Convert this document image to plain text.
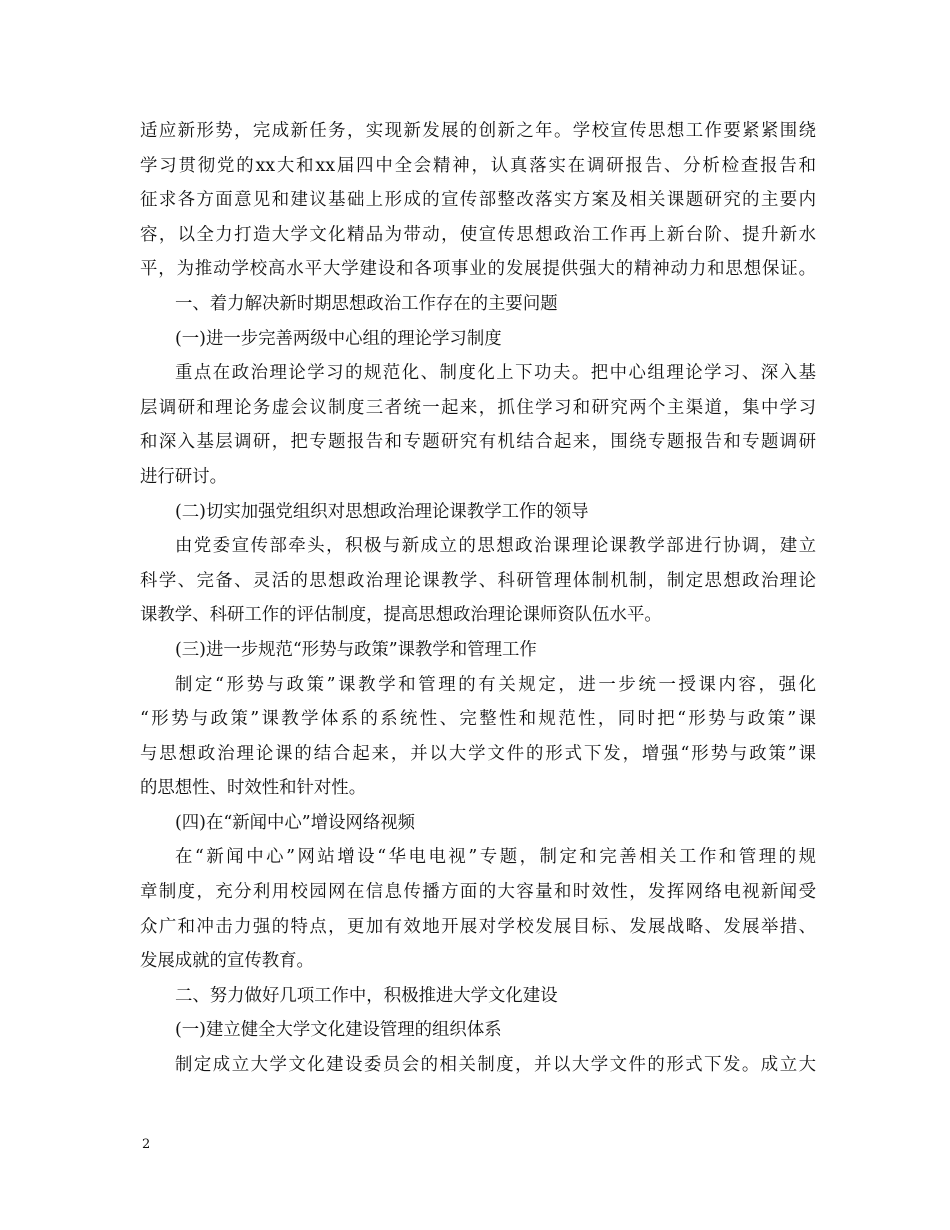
适应新形势，完成新任务，实现新发展的创新之年。学校宣传思想工作要紧紧围绕
学习贯彻党的xx大和xx届四中全会精神，认真落实在调研报告、分析检查报告和
征求各方面意见和建议基础上形成的宣传部整改落实方案及相关课题研究的主要内
容，以全力打造大学文化精品为带动，使宣传思想政治工作再上新台阶、提升新水
平，为推动学校高水平大学建设和各项事业的发展提供强大的精神动力和思想保证。
一、着力解决新时期思想政治工作存在的主要问题
(一)进一步完善两级中心组的理论学习制度
重点在政治理论学习的规范化、制度化上下功夫。把中心组理论学习、深入基
层调研和理论务虚会议制度三者统一起来，抓住学习和研究两个主渠道，集中学习
和深入基层调研，把专题报告和专题研究有机结合起来，围绕专题报告和专题调研
进行研讨。
(二)切实加强党组织对思想政治理论课教学工作的领导
由党委宣传部牵头，积极与新成立的思想政治课理论课教学部进行协调，建立
科学、完备、灵活的思想政治理论课教学、科研管理体制机制，制定思想政治理论
课教学、科研工作的评估制度，提高思想政治理论课师资队伍水平。
(三)进一步规范“形势与政策”课教学和管理工作
制定“形势与政策”课教学和管理的有关规定，进一步统一授课内容，强化
“形势与政策”课教学体系的系统性、完整性和规范性，同时把“形势与政策”课
与思想政治理论课的结合起来，并以大学文件的形式下发，增强“形势与政策”课
的思想性、时效性和针对性。
(四)在“新闻中心”增设网络视频
在“新闻中心”网站增设“华电电视”专题，制定和完善相关工作和管理的规
章制度，充分利用校园网在信息传播方面的大容量和时效性，发挥网络电视新闻受
众广和冲击力强的特点，更加有效地开展对学校发展目标、发展战略、发展举措、
发展成就的宣传教育。
二、努力做好几项工作中，积极推进大学文化建设
(一)建立健全大学文化建设管理的组织体系
制定成立大学文化建设委员会的相关制度，并以大学文件的形式下发。成立大
2
